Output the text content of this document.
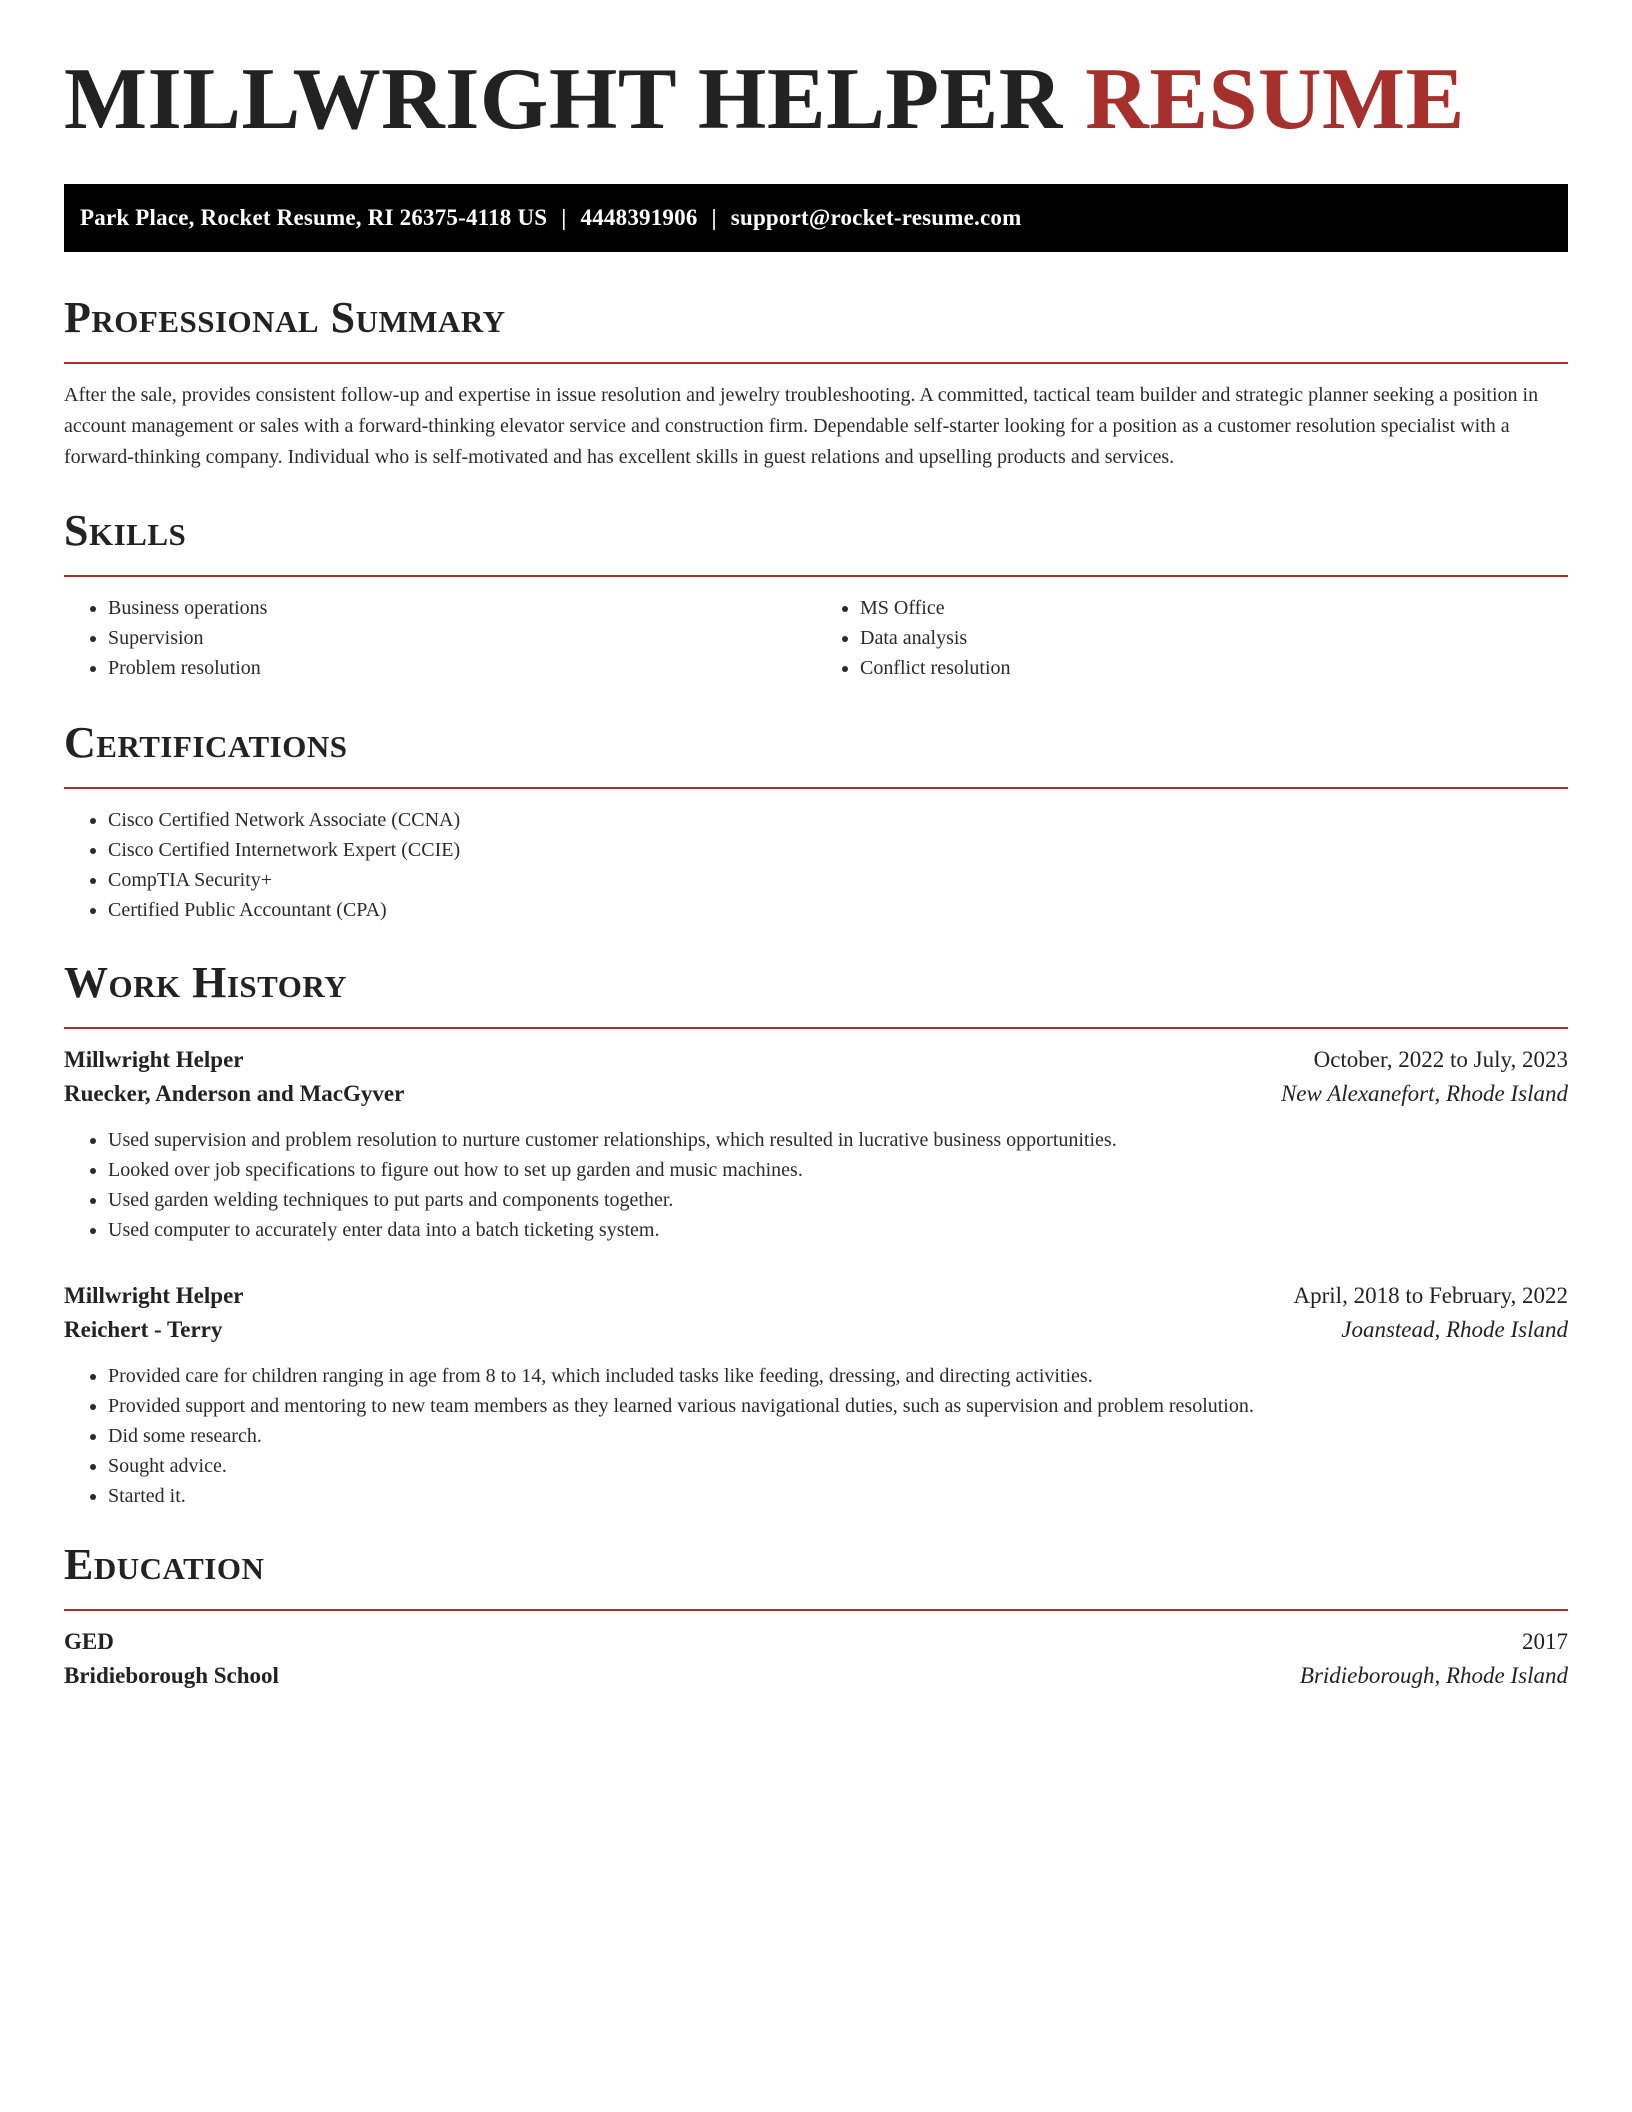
MILLWRIGHT HELPER RESUME
Park Place, Rocket Resume, RI 26375-4118 US | 4448391906 | support@rocket-resume.com
Professional Summary

After the sale, provides consistent follow-up and expertise in issue resolution and jewelry troubleshooting. A committed, tactical team builder and strategic planner seeking a position in account management or sales with a forward-thinking elevator service and construction firm. Dependable self-starter looking for a position as a customer resolution specialist with a forward-thinking company. Individual who is self-motivated and has excellent skills in guest relations and upselling products and services.

Skills
• Business operations
• Supervision
• Problem resolution
• MS Office
• Data analysis
• Conflict resolution
Certifications
• Cisco Certified Network Associate (CCNA)
• Cisco Certified Internetwork Expert (CCIE)
• CompTIA Security+
• Certified Public Accountant (CPA)
Work History
Millwright Helper	October, 2022 to July, 2023
Ruecker, Anderson and MacGyver	New Alexanefort, Rhode Island
• Used supervision and problem resolution to nurture customer relationships, which resulted in lucrative business opportunities.
• Looked over job specifications to figure out how to set up garden and music machines.
• Used garden welding techniques to put parts and components together.
• Used computer to accurately enter data into a batch ticketing system.
Millwright Helper	April, 2018 to February, 2022
Reichert - Terry	Joanstead, Rhode Island
• Provided care for children ranging in age from 8 to 14, which included tasks like feeding, dressing, and directing activities.
• Provided support and mentoring to new team members as they learned various navigational duties, such as supervision and problem resolution.
• Did some research.
• Sought advice.
• Started it.
Education
GED	2017
Bridieborough School	Bridieborough, Rhode Island
